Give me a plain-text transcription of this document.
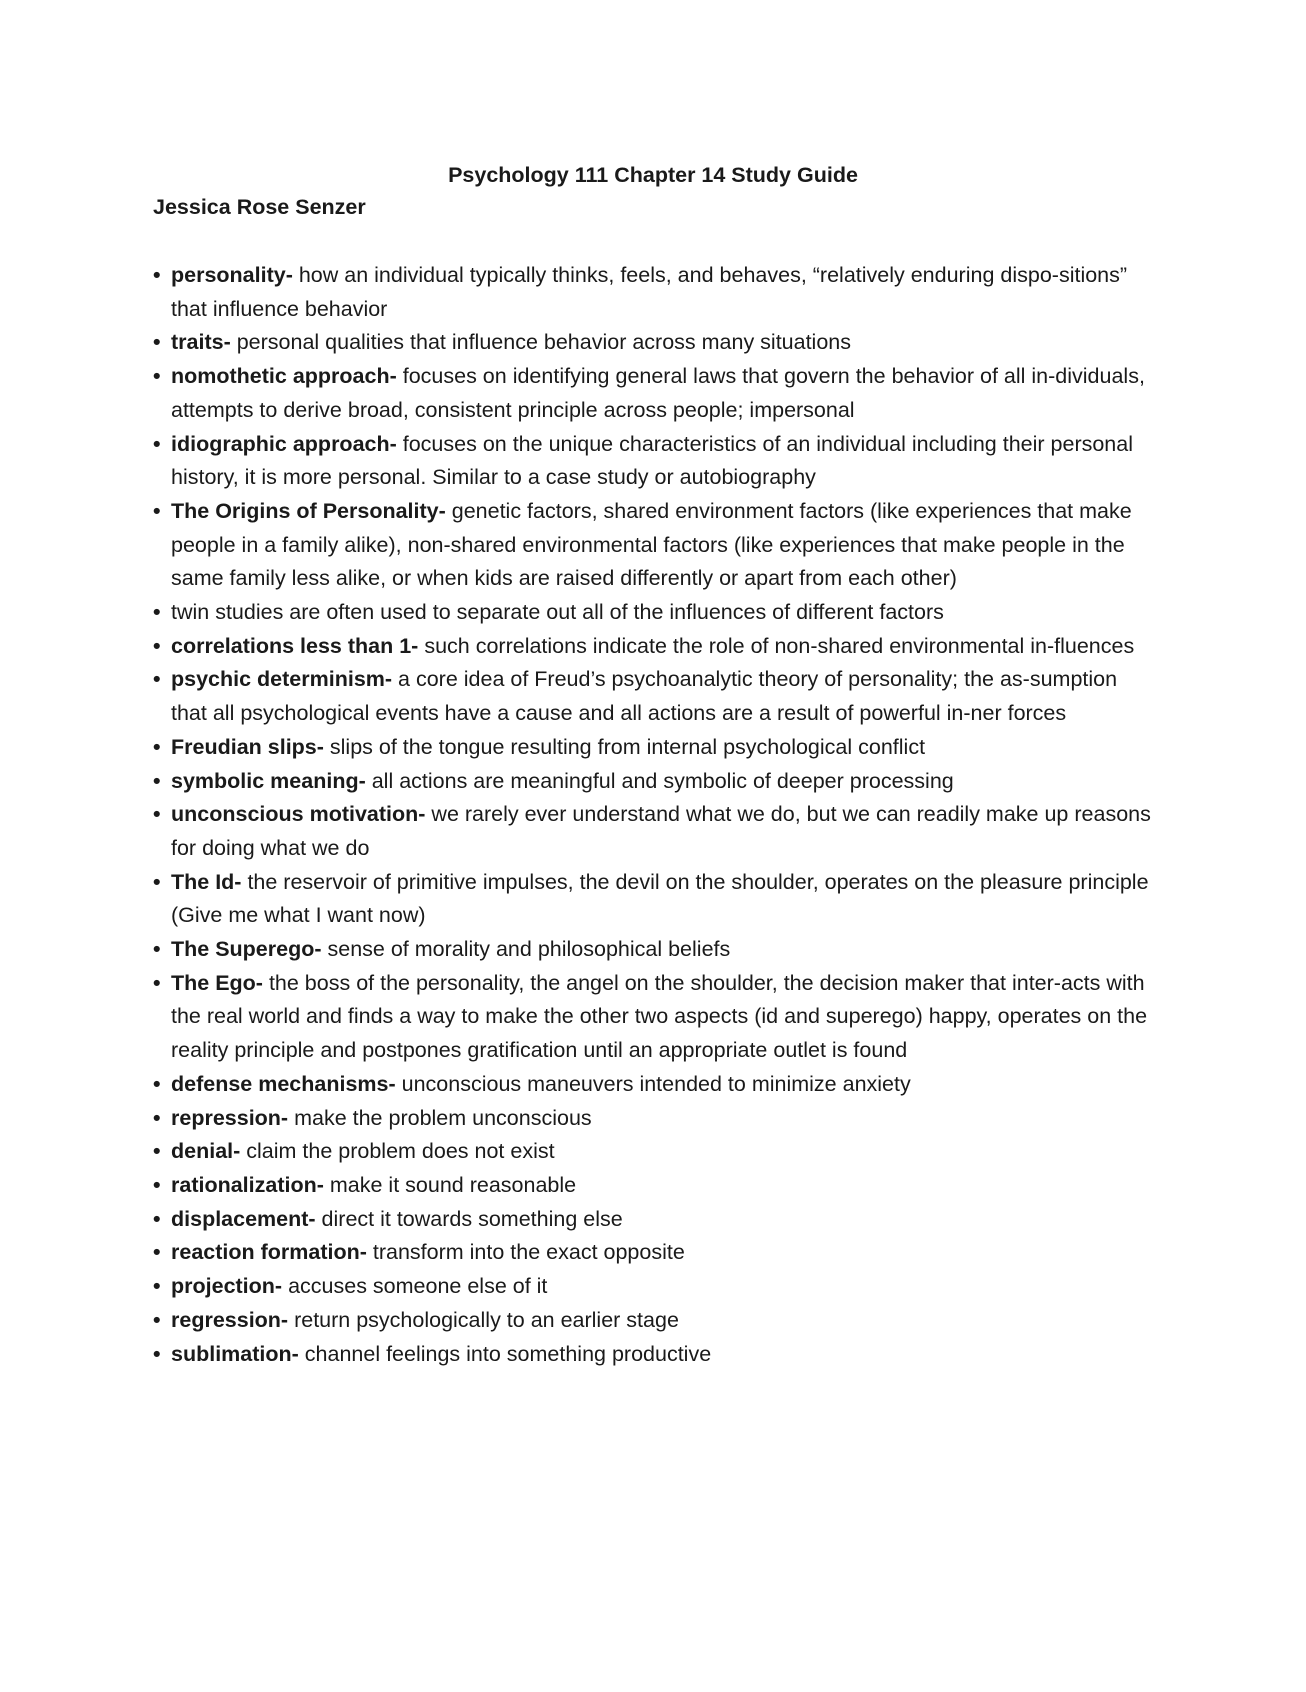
Psychology 111 Chapter 14 Study Guide
Jessica Rose Senzer
• personality- how an individual typically thinks, feels, and behaves, “relatively enduring dispo-sitions” that influence behavior
• traits- personal qualities that influence behavior across many situations
• nomothetic approach- focuses on identifying general laws that govern the behavior of all in-dividuals, attempts to derive broad, consistent principle across people; impersonal
• idiographic approach- focuses on the unique characteristics of an individual including their personal history, it is more personal. Similar to a case study or autobiography
• The Origins of Personality- genetic factors, shared environment factors (like experiences that make people in a family alike), non-shared environmental factors (like experiences that make people in the same family less alike, or when kids are raised differently or apart from each other)
• twin studies are often used to separate out all of the influences of different factors
• correlations less than 1- such correlations indicate the role of non-shared environmental in-fluences
• psychic determinism- a core idea of Freud’s psychoanalytic theory of personality; the as-sumption that all psychological events have a cause and all actions are a result of powerful in-ner forces
• Freudian slips- slips of the tongue resulting from internal psychological conflict
• symbolic meaning- all actions are meaningful and symbolic of deeper processing
• unconscious motivation- we rarely ever understand what we do, but we can readily make up reasons for doing what we do
• The Id- the reservoir of primitive impulses, the devil on the shoulder, operates on the pleasure principle (Give me what I want now)
• The Superego- sense of morality and philosophical beliefs
• The Ego- the boss of the personality, the angel on the shoulder, the decision maker that inter-acts with the real world and finds a way to make the other two aspects (id and superego) happy, operates on the reality principle and postpones gratification until an appropriate outlet is found
• defense mechanisms- unconscious maneuvers intended to minimize anxiety
• repression- make the problem unconscious
• denial- claim the problem does not exist
• rationalization- make it sound reasonable
• displacement- direct it towards something else
• reaction formation- transform into the exact opposite
• projection- accuses someone else of it
• regression- return psychologically to an earlier stage
• sublimation- channel feelings into something productive
